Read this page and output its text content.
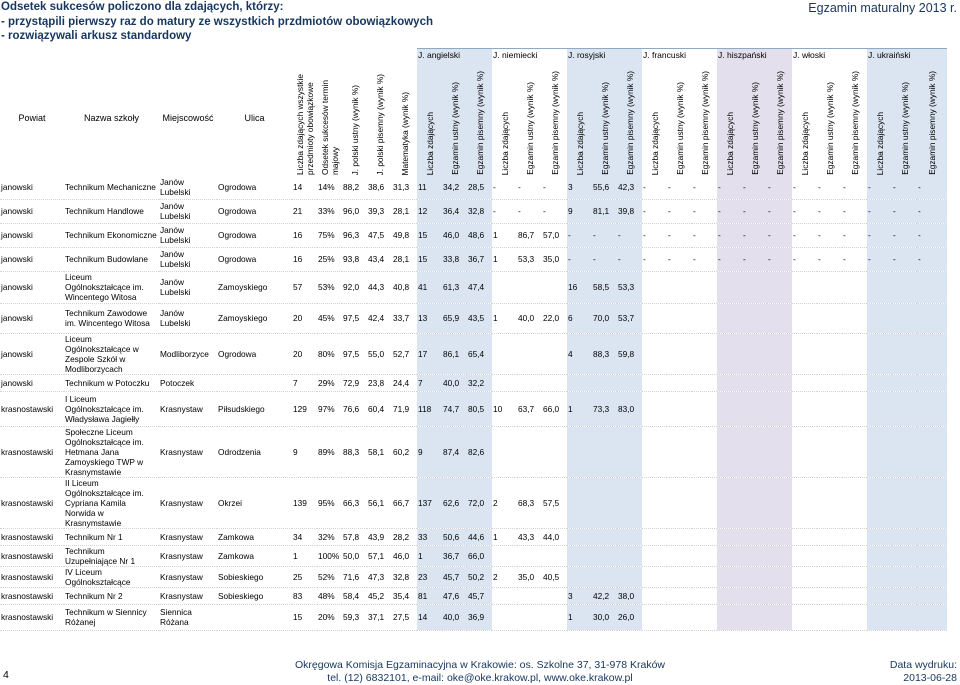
Odsetek sukcesów policzono dla zdających, którzy:
- przystąpili pierwszy raz do matury ze wszystkich przdmiotów obowiązkowych
- rozwiązywali arkusz standardowy
Egzamin maturalny 2013 r.
									J. angielski			J. niemiecki			J. rosyjski			J. francuski			J. hiszpański			J. włoski			J. ukraiński		
Powiat	Nazwa szkoły	Miejscowość	Ulica	Liczba zdających wszystkie przedmioty obowiązkowe	Odsetek sukcesów termin majowy	J. polski ustny (wynik %)	J. polski pisemny (wynik %)	Matematyka (wynik %)	Liczba zdających	Egzamin ustny (wynik %)	Egzamin pisemny (wynik %)	Liczba zdających	Egzamin ustny (wynik %)	Egzamin pisemny (wynik %)	Liczba zdających	Egzamin ustny (wynik %)	Egzamin pisemny (wynik %)	Liczba zdających	Egzamin ustny (wynik %)	Egzamin pisemny (wynik %)	Liczba zdających	Egzamin ustny (wynik %)	Egzamin pisemny (wynik %)	Liczba zdających	Egzamin ustny (wynik %)	Egzamin pisemny (wynik %)	Liczba zdających	Egzamin ustny (wynik %)	Egzamin pisemny (wynik %)

janowski	Technikum Mechaniczne	Janów Lubelski	Ogrodowa	14	14%	88,2	38,6	31,3	11	34,2	28,5	-	-	-	3	55,6	42,3	-	-	-	-	-	-	-	-	-	-	-	-
janowski	Technikum Handlowe	Janów Lubelski	Ogrodowa	21	33%	96,0	39,3	28,1	12	36,4	32,8	-	-	-	9	81,1	39,8	-	-	-	-	-	-	-	-	-	-	-	-
janowski	Technikum Ekonomiczne	Janów Lubelski	Ogrodowa	16	75%	96,3	47,5	49,8	15	46,0	48,6	1	86,7	57,0	-	-	-	-	-	-	-	-	-	-	-	-	-	-	-
janowski	Technikum Budowlane	Janów Lubelski	Ogrodowa	16	25%	93,8	43,4	28,1	15	33,8	36,7	1	53,3	35,0	-	-	-	-	-	-	-	-	-	-	-	-	-	-	-
janowski	Liceum Ogólnokształcące im. Wincentego Witosa	Janów Lubelski	Zamoyskiego	57	53%	92,0	44,3	40,8	41	61,3	47,4				16	58,5	53,3												
janowski	Technikum Zawodowe im. Wincentego Witosa	Janów Lubelski	Zamoyskiego	20	45%	97,5	42,4	33,7	13	65,9	43,5	1	40,0	22,0	6	70,0	53,7												
janowski	Liceum Ogólnokształcące w Zespole Szkół w Modliborzycach	Modliborzyce	Ogrodowa	20	80%	97,5	55,0	52,7	17	86,1	65,4				4	88,3	59,8												
janowski	Technikum w Potoczku	Potoczek		7	29%	72,9	23,8	24,4	7	40,0	32,2																		
krasnostawski	I Liceum Ogólnokształcące im. Władysława Jagiełły	Krasnystaw	Piłsudskiego	129	97%	76,6	60,4	71,9	118	74,7	80,5	10	63,7	66,0	1	73,3	83,0												
krasnostawski	Społeczne Liceum Ogólnokształcące im. Hetmana Jana Zamoyskiego TWP w Krasnymstawie	Krasnystaw	Odrodzenia	9	89%	88,3	58,1	60,2	9	87,4	82,6																		
krasnostawski	II Liceum Ogólnokształcące im. Cypriana Kamila Norwida w Krasnymstawie	Krasnystaw	Okrzei	139	95%	66,3	56,1	66,7	137	62,6	72,0	2	68,3	57,5															
krasnostawski	Technikum Nr 1	Krasnystaw	Zamkowa	34	32%	57,8	43,9	28,2	33	50,6	44,6	1	43,3	44,0															
krasnostawski	Technikum Uzupełniające Nr 1	Krasnystaw	Zamkowa	1	100%	50,0	57,1	46,0	1	36,7	66,0																		
krasnostawski	IV Liceum Ogólnokształcące	Krasnystaw	Sobieskiego	25	52%	71,6	47,3	32,8	23	45,7	50,2	2	35,0	40,5															
krasnostawski	Technikum Nr 2	Krasnystaw	Sobieskiego	83	48%	58,4	45,2	35,4	81	47,6	45,7				3	42,2	38,0												
krasnostawski	Technikum w Siennicy Różanej	Siennica Różana		15	20%	59,3	37,1	27,5	14	40,0	36,9				1	30,0	26,0												
4
Okręgowa Komisja Egzaminacyjna w Krakowie: os. Szkolne 37, 31-978 Kraków
tel. (12) 6832101, e-mail: oke@oke.krakow.pl, www.oke.krakow.pl
Data wydruku:
2013-06-28
